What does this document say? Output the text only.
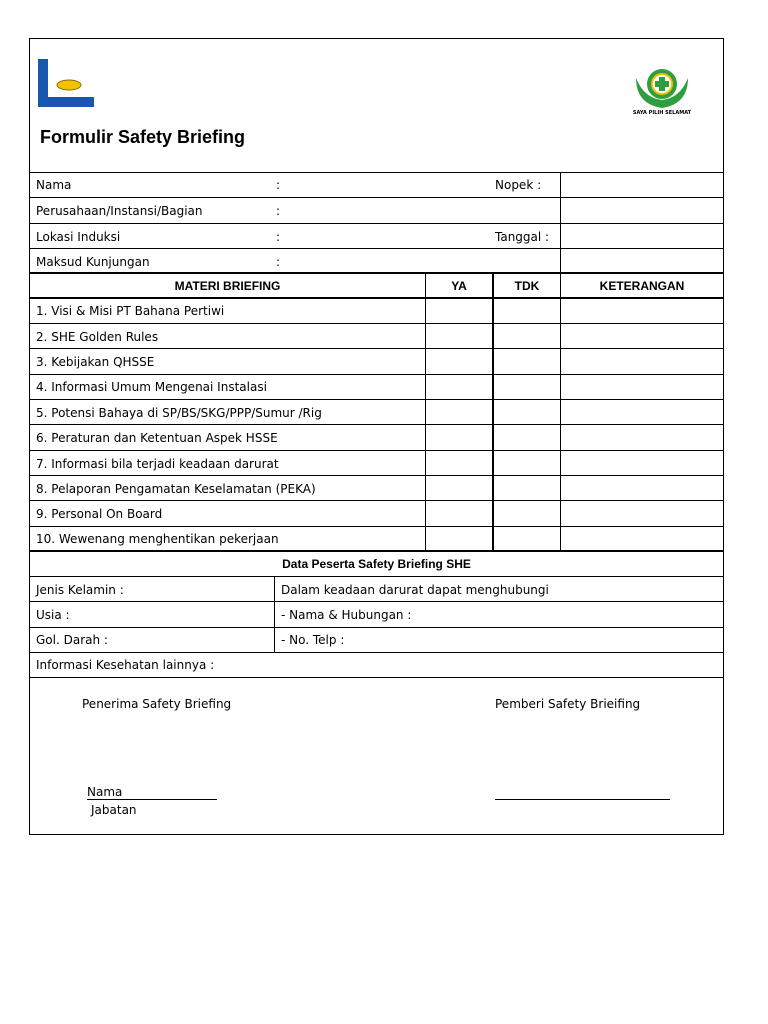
SAYA PILIH SELAMAT
Formulir Safety Briefing
Nama	:	Nopek :
Perusahaan/Instansi/Bagian	:
Lokasi Induksi	:	Tanggal :
Maksud Kunjungan	:
MATERI BRIEFING	YA	TDK	KETERANGAN
1. Visi & Misi PT Bahana Pertiwi
2. SHE Golden Rules
3. Kebijakan QHSSE
4. Informasi Umum Mengenai Instalasi
5. Potensi Bahaya di SP/BS/SKG/PPP/Sumur /Rig
6. Peraturan dan Ketentuan Aspek HSSE
7. Informasi bila terjadi keadaan darurat
8. Pelaporan Pengamatan Keselamatan (PEKA)
9. Personal On Board
10. Wewenang menghentikan pekerjaan
Data Peserta Safety Briefing SHE
Jenis Kelamin :	Dalam keadaan darurat dapat menghubungi
Usia :	- Nama & Hubungan :
Gol. Darah :	- No. Telp :
Informasi Kesehatan lainnya :
Penerima Safety Briefing	Pemberi Safety Brieifing
Nama
Jabatan
